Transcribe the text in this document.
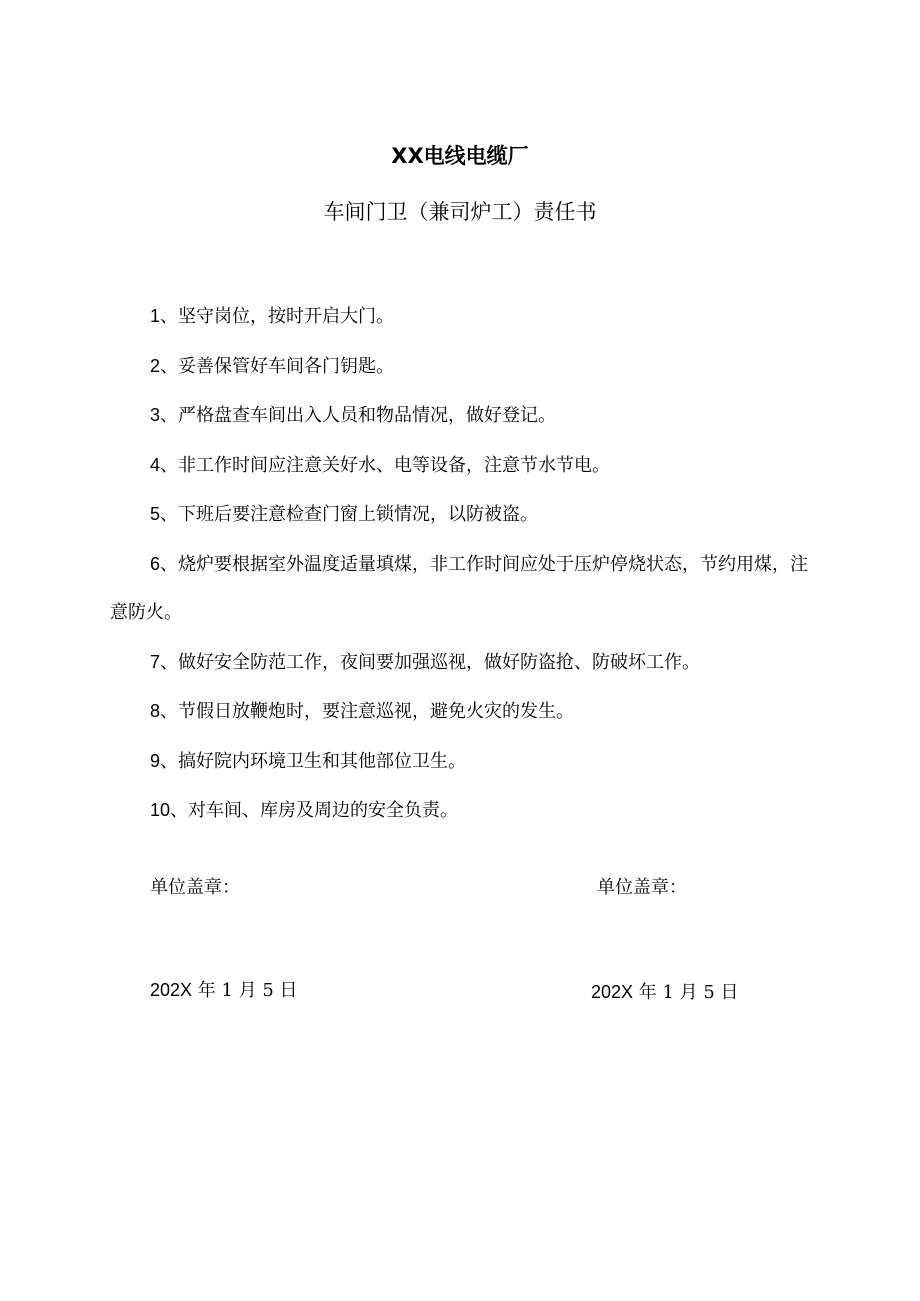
XX电线电缆厂
车间门卫（兼司炉工）责任书
1、坚守岗位，按时开启大门。
2、妥善保管好车间各门钥匙。
3、严格盘查车间出入人员和物品情况，做好登记。
4、非工作时间应注意关好水、电等设备，注意节水节电。
5、下班后要注意检查门窗上锁情况，以防被盗。
6、烧炉要根据室外温度适量填煤，非工作时间应处于压炉停烧状态，节约用煤，注意防火。
7、做好安全防范工作，夜间要加强巡视，做好防盗抢、防破坏工作。
8、节假日放鞭炮时，要注意巡视，避免火灾的发生。
9、搞好院内环境卫生和其他部位卫生。
10、对车间、库房及周边的安全负责。
单位盖章：	单位盖章：
202X 年 1 月 5 日	202X 年 1 月 5 日
